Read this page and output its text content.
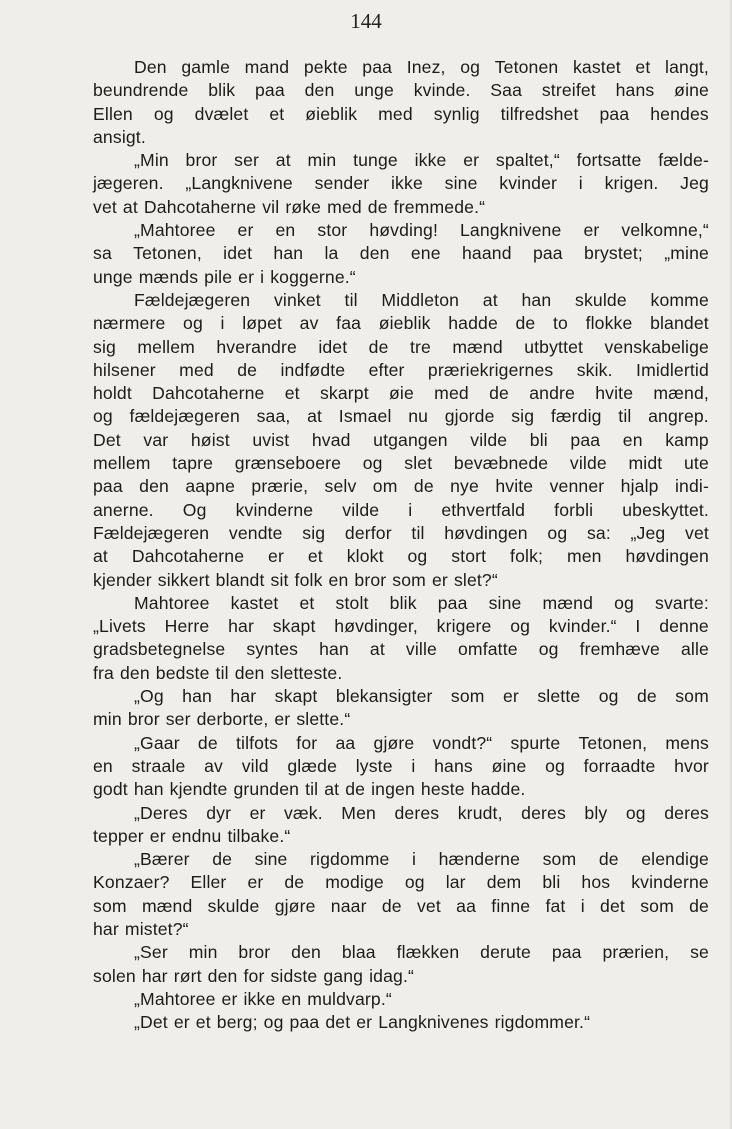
144
Den gamle mand pekte paa Inez, og Tetonen kastet et langt,
beundrende blik paa den unge kvinde. Saa streifet hans øine
Ellen og dvælet et øieblik med synlig tilfredshet paa hendes
ansigt.
„Min bror ser at min tunge ikke er spaltet,“ fortsatte fælde-
jægeren. „Langknivene sender ikke sine kvinder i krigen. Jeg
vet at Dahcotaherne vil røke med de fremmede.“
„Mahtoree er en stor høvding! Langknivene er velkomne,“
sa Tetonen, idet han la den ene haand paa brystet; „mine
unge mænds pile er i koggerne.“
Fældejægeren vinket til Middleton at han skulde komme
nærmere og i løpet av faa øieblik hadde de to flokke blandet
sig mellem hverandre idet de tre mænd utbyttet venskabelige
hilsener med de indfødte efter præriekrigernes skik. Imidlertid
holdt Dahcotaherne et skarpt øie med de andre hvite mænd,
og fældejægeren saa, at Ismael nu gjorde sig færdig til angrep.
Det var høist uvist hvad utgangen vilde bli paa en kamp
mellem tapre grænseboere og slet bevæbnede vilde midt ute
paa den aapne prærie, selv om de nye hvite venner hjalp indi-
anerne. Og kvinderne vilde i ethvertfald forbli ubeskyttet.
Fældejægeren vendte sig derfor til høvdingen og sa: „Jeg vet
at Dahcotaherne er et klokt og stort folk; men høvdingen
kjender sikkert blandt sit folk en bror som er slet?“
Mahtoree kastet et stolt blik paa sine mænd og svarte:
„Livets Herre har skapt høvdinger, krigere og kvinder.“ I denne
gradsbetegnelse syntes han at ville omfatte og fremhæve alle
fra den bedste til den sletteste.
„Og han har skapt blekansigter som er slette og de som
min bror ser derborte, er slette.“
„Gaar de tilfots for aa gjøre vondt?“ spurte Tetonen, mens
en straale av vild glæde lyste i hans øine og forraadte hvor
godt han kjendte grunden til at de ingen heste hadde.
„Deres dyr er væk. Men deres krudt, deres bly og deres
tepper er endnu tilbake.“
„Bærer de sine rigdomme i hænderne som de elendige
Konzaer? Eller er de modige og lar dem bli hos kvinderne
som mænd skulde gjøre naar de vet aa finne fat i det som de
har mistet?“
„Ser min bror den blaa flækken derute paa prærien, se
solen har rørt den for sidste gang idag.“
„Mahtoree er ikke en muldvarp.“
„Det er et berg; og paa det er Langknivenes rigdommer.“
